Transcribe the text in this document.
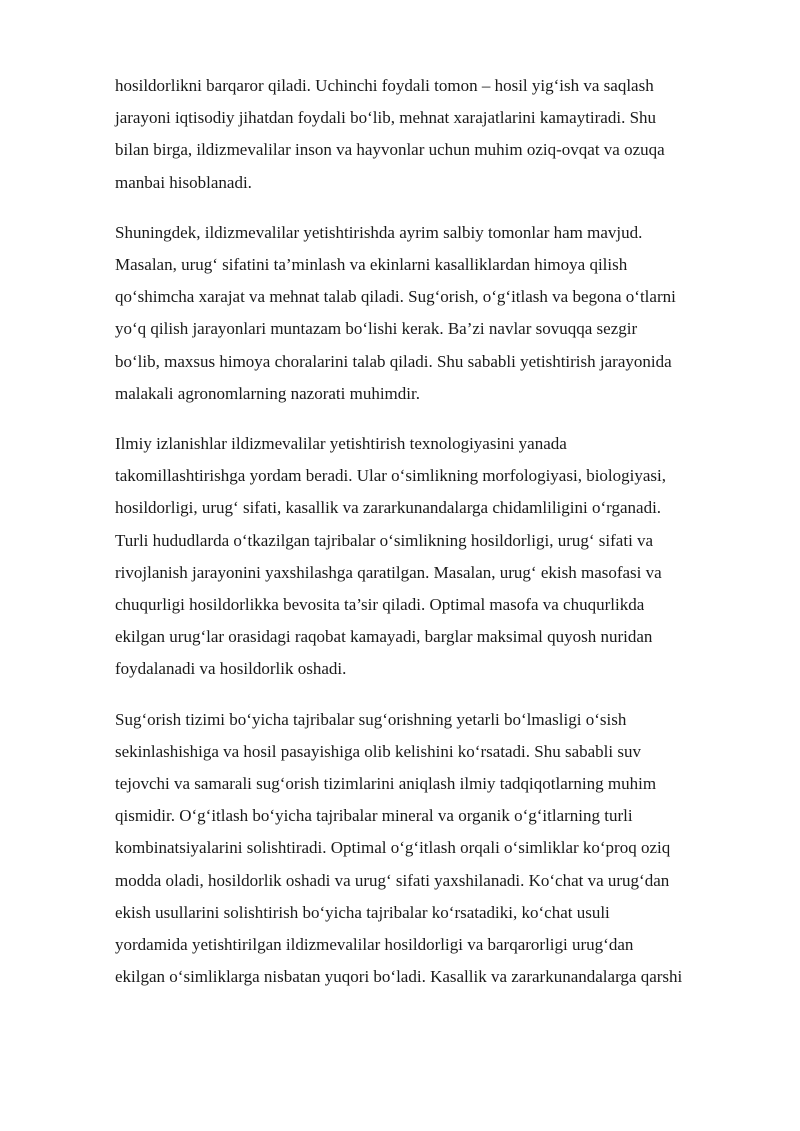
hosildorlikni barqaror qiladi. Uchinchi foydali tomon – hosil yig‘ish va saqlash
jarayoni iqtisodiy jihatdan foydali bo‘lib, mehnat xarajatlarini kamaytiradi. Shu
bilan birga, ildizmevalilar inson va hayvonlar uchun muhim oziq-ovqat va ozuqa
manbai hisoblanadi.

Shuningdek, ildizmevalilar yetishtirishda ayrim salbiy tomonlar ham mavjud.
Masalan, urug‘ sifatini ta’minlash va ekinlarni kasalliklardan himoya qilish
qo‘shimcha xarajat va mehnat talab qiladi. Sug‘orish, o‘g‘itlash va begona o‘tlarni
yo‘q qilish jarayonlari muntazam bo‘lishi kerak. Ba’zi navlar sovuqqa sezgir
bo‘lib, maxsus himoya choralarini talab qiladi. Shu sababli yetishtirish jarayonida
malakali agronomlarning nazorati muhimdir.

Ilmiy izlanishlar ildizmevalilar yetishtirish texnologiyasini yanada
takomillashtirishga yordam beradi. Ular o‘simlikning morfologiyasi, biologiyasi,
hosildorligi, urug‘ sifati, kasallik va zararkunandalarga chidamliligini o‘rganadi.
Turli hududlarda o‘tkazilgan tajribalar o‘simlikning hosildorligi, urug‘ sifati va
rivojlanish jarayonini yaxshilashga qaratilgan. Masalan, urug‘ ekish masofasi va
chuqurligi hosildorlikka bevosita ta’sir qiladi. Optimal masofa va chuqurlikda
ekilgan urug‘lar orasidagi raqobat kamayadi, barglar maksimal quyosh nuridan
foydalanadi va hosildorlik oshadi.

Sug‘orish tizimi bo‘yicha tajribalar sug‘orishning yetarli bo‘lmasligi o‘sish
sekinlashishiga va hosil pasayishiga olib kelishini ko‘rsatadi. Shu sababli suv
tejovchi va samarali sug‘orish tizimlarini aniqlash ilmiy tadqiqotlarning muhim
qismidir. O‘g‘itlash bo‘yicha tajribalar mineral va organik o‘g‘itlarning turli
kombinatsiyalarini solishtiradi. Optimal o‘g‘itlash orqali o‘simliklar ko‘proq oziq
modda oladi, hosildorlik oshadi va urug‘ sifati yaxshilanadi. Ko‘chat va urug‘dan
ekish usullarini solishtirish bo‘yicha tajribalar ko‘rsatadiki, ko‘chat usuli
yordamida yetishtirilgan ildizmevalilar hosildorligi va barqarorligi urug‘dan
ekilgan o‘simliklarga nisbatan yuqori bo‘ladi. Kasallik va zararkunandalarga qarshi
